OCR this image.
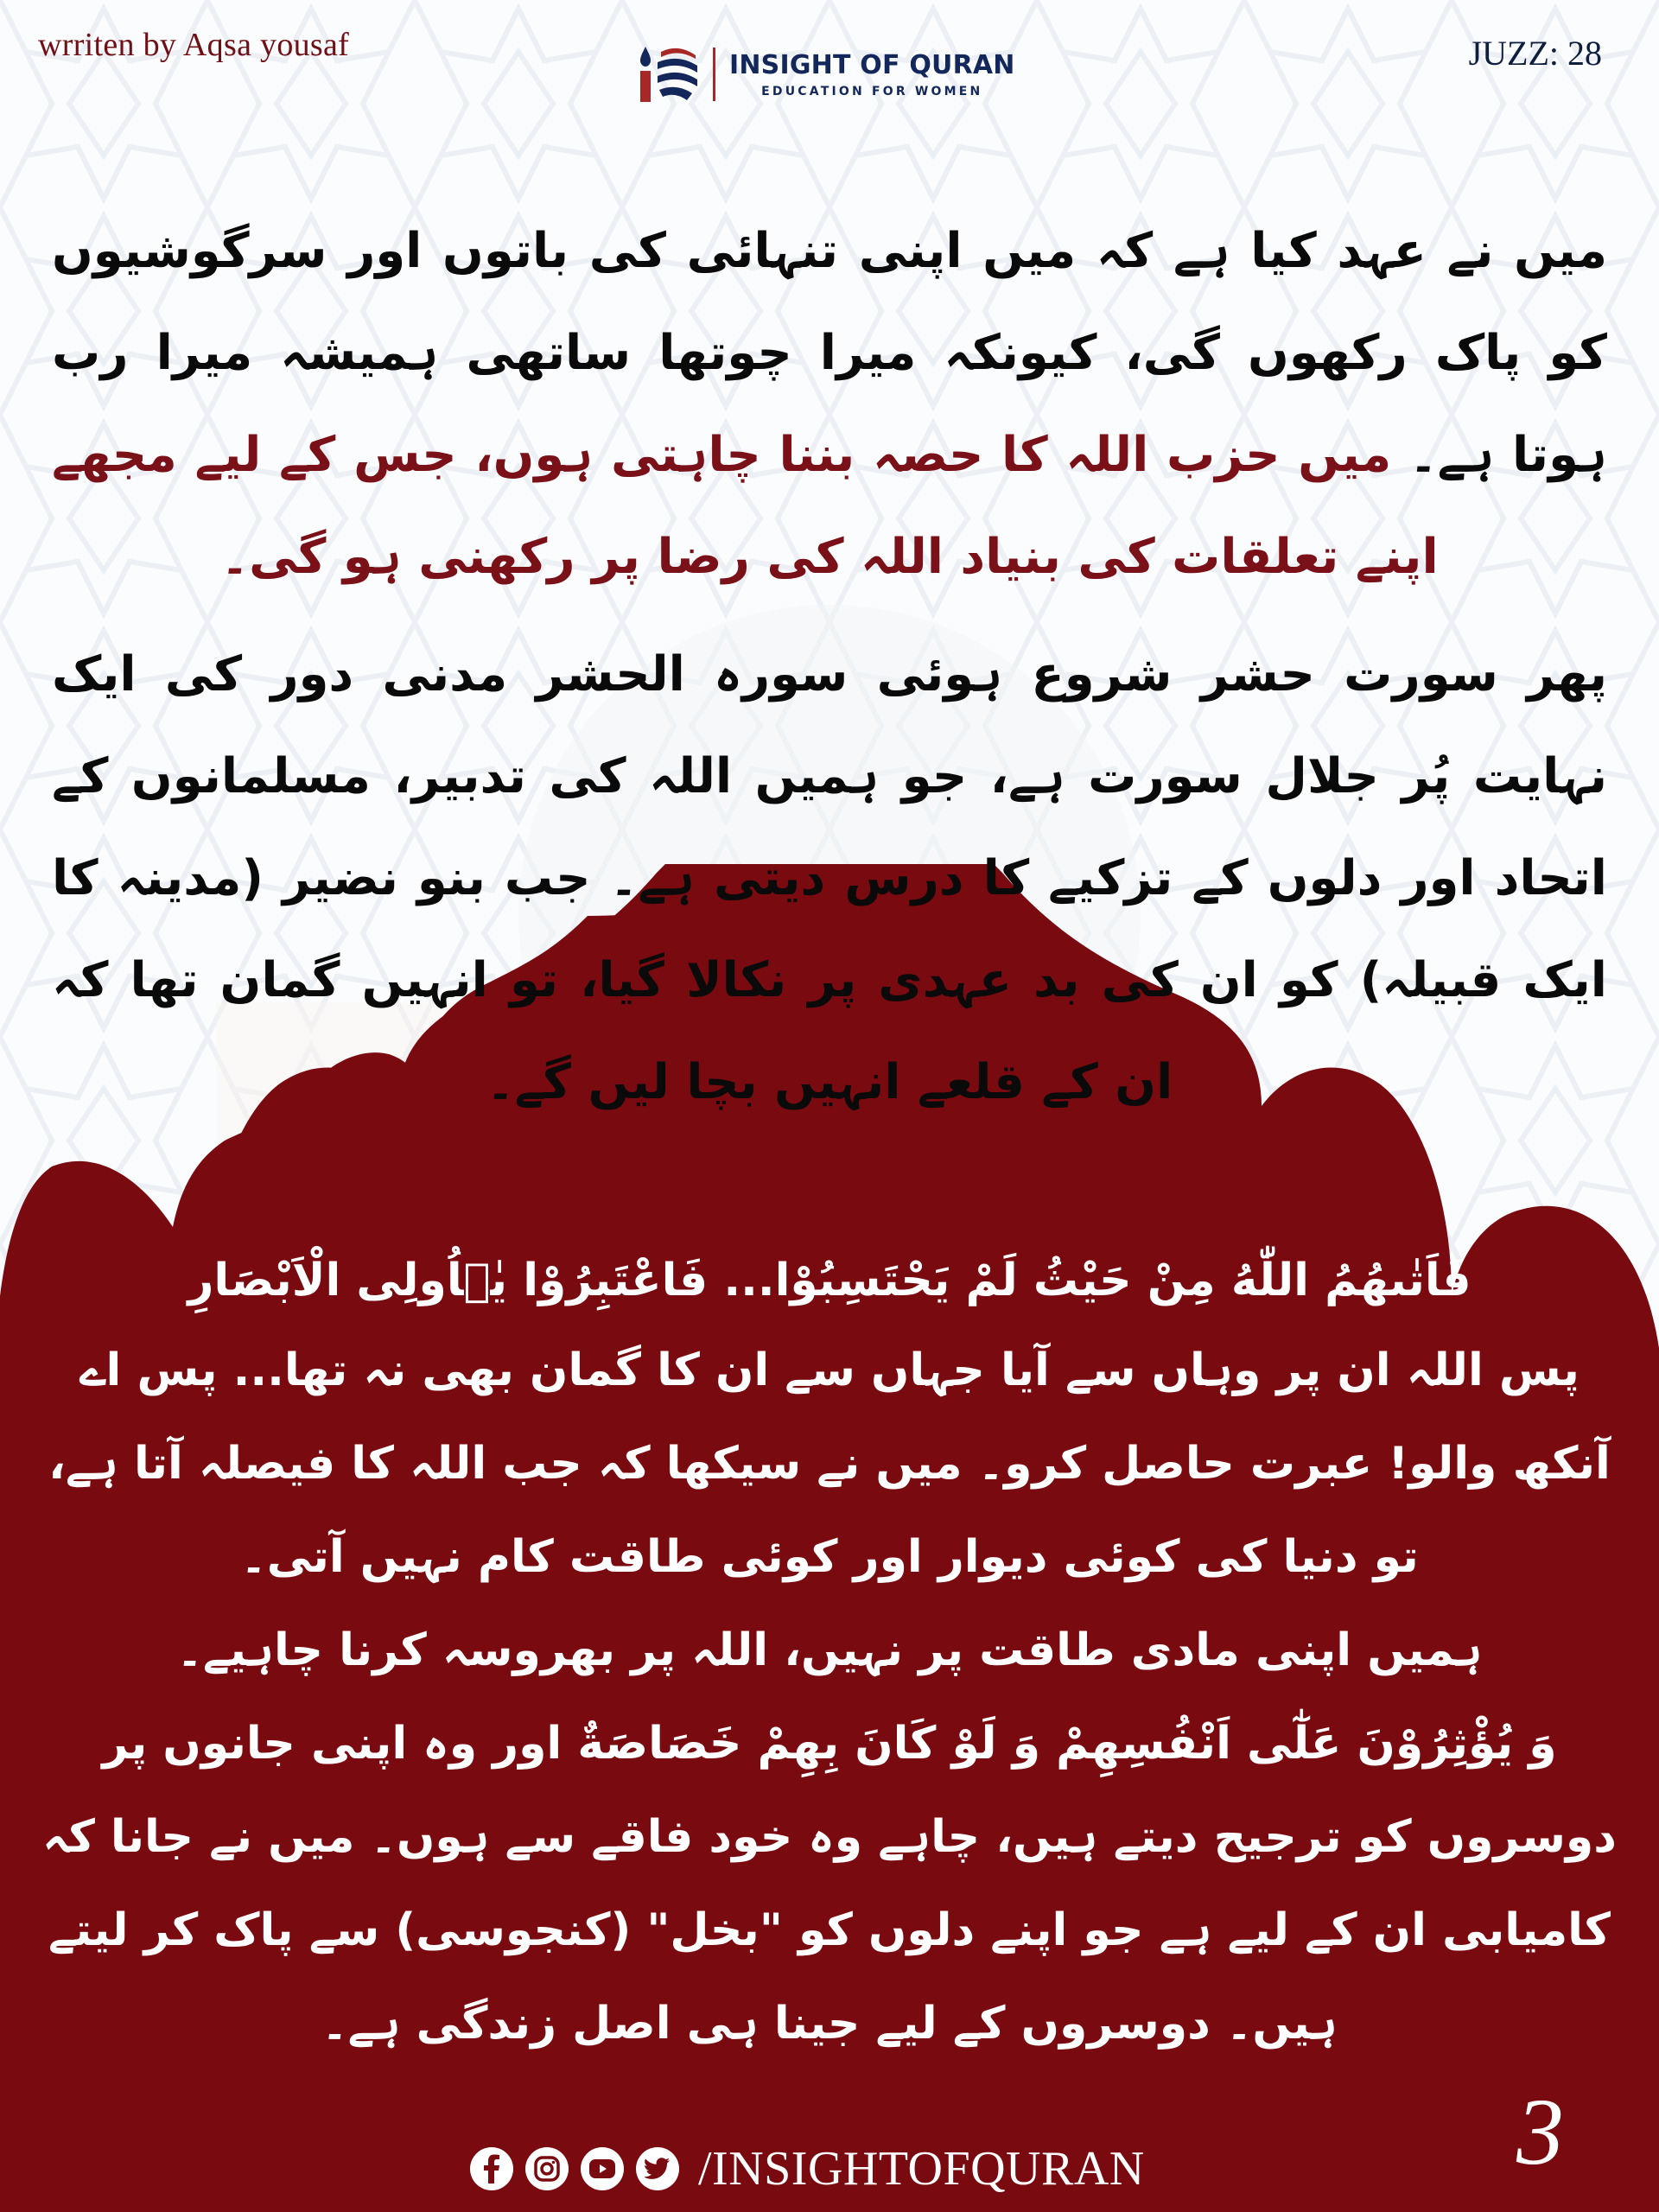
wrriten by Aqsa yousaf
INSIGHT OF QURAN
EDUCATION FOR WOMEN
JUZZ: 28

میں نے عہد کیا ہے کہ میں اپنی تنہائی کی باتوں اور سرگوشیوں کو پاک رکھوں گی، کیونکہ میرا چوتھا ساتھی ہمیشہ میرا رب ہوتا ہے۔ میں حزب اللہ کا حصہ بننا چاہتی ہوں، جس کے لیے مجھے اپنے تعلقات کی بنیاد اللہ کی رضا پر رکھنی ہو گی۔

پھر سورت حشر شروع ہوئی سورہ الحشر مدنی دور کی ایک نہایت پُر جلال سورت ہے، جو ہمیں اللہ کی تدبیر، مسلمانوں کے اتحاد اور دلوں کے تزکیے کا درس دیتی ہے۔ جب بنو نضیر (مدینہ کا ایک قبیلہ) کو ان کی بد عہدی پر نکالا گیا، تو انہیں گمان تھا کہ ان کے قلعے انہیں بچا لیں گے۔

فَاَتٰىهُمُ اللّٰهُ مِنْ حَيْثُ لَمْ يَحْتَسِبُوْا... فَاعْتَبِرُوْا يٰۤاُولِى الْاَبْصَارِ

پس اللہ ان پر وہاں سے آیا جہاں سے ان کا گمان بھی نہ تھا... پس اے آنکھ والو! عبرت حاصل کرو۔ میں نے سیکھا کہ جب اللہ کا فیصلہ آتا ہے، تو دنیا کی کوئی دیوار اور کوئی طاقت کام نہیں آتی۔

ہمیں اپنی مادی طاقت پر نہیں، اللہ پر بھروسہ کرنا چاہیے۔

وَ يُؤْثِرُوْنَ عَلٰٓى اَنْفُسِهِمْ وَ لَوْ كَانَ بِهِمْ خَصَاصَةٌ اور وہ اپنی جانوں پر دوسروں کو ترجیح دیتے ہیں، چاہے وہ خود فاقے سے ہوں۔ میں نے جانا کہ کامیابی ان کے لیے ہے جو اپنے دلوں کو "بخل" (کنجوسی) سے پاک کر لیتے ہیں۔ دوسروں کے لیے جینا ہی اصل زندگی ہے۔

/INSIGHTOFQURAN	3
